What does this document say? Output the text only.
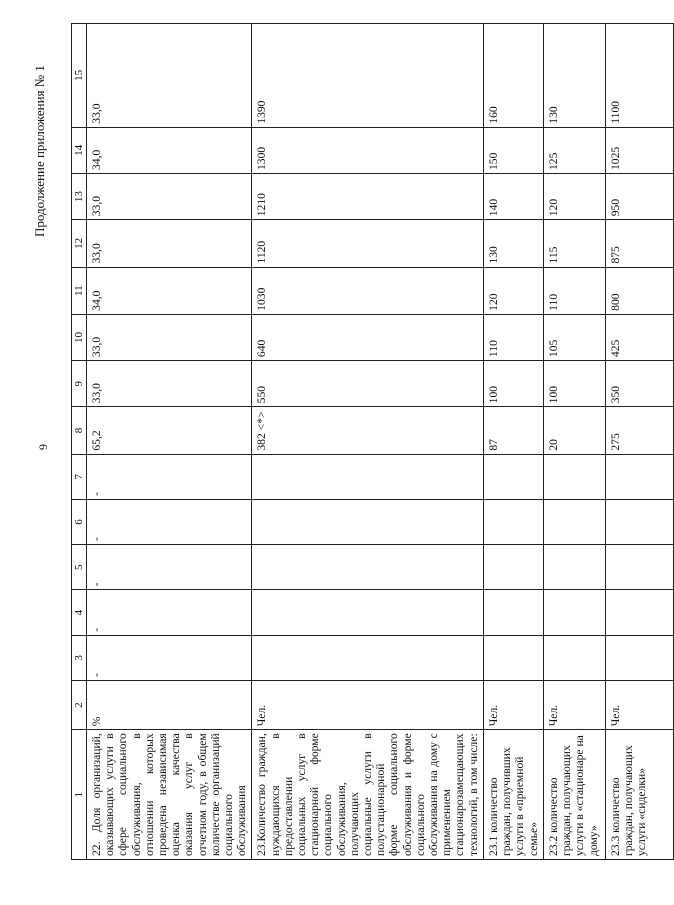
Продолжение приложения № 1
9
1	2	3	4	5	6	7	8	9	10	11	12	13	14	15
22. Доля организаций, оказывающих услуги в сфере социального обслуживания, в отношении которых проведена независимая оценка качества оказания услуг в отчетном году, в общем количестве организаций социального обслуживания	%	-	-	-	-	-	65,2	33,0	33,0	34,0	33,0	33,0	34,0	33,0
23.Количество граждан, нуждающихся в предоставлении социальных услуг в стационарной форме социального обслуживания, получающих социальные услуги в полустационарной форме социального обслуживания и форме социального обслуживания на дому с применением стационарозамещающих технологий, в том числе:	Чел.						382 <*>	550	640	1030	1120	1210	1300	1390
23.1 количество граждан, получивших услуги в «приемной семье»	Чел.						87	100	110	120	130	140	150	160
23.2 количество граждан, получающих услуги в «стационаре на дому»	Чел.						20	100	105	110	115	120	125	130
23.3 количество граждан, получающих услуги «сиделки»	Чел.						275	350	425	800	875	950	1025	1100
